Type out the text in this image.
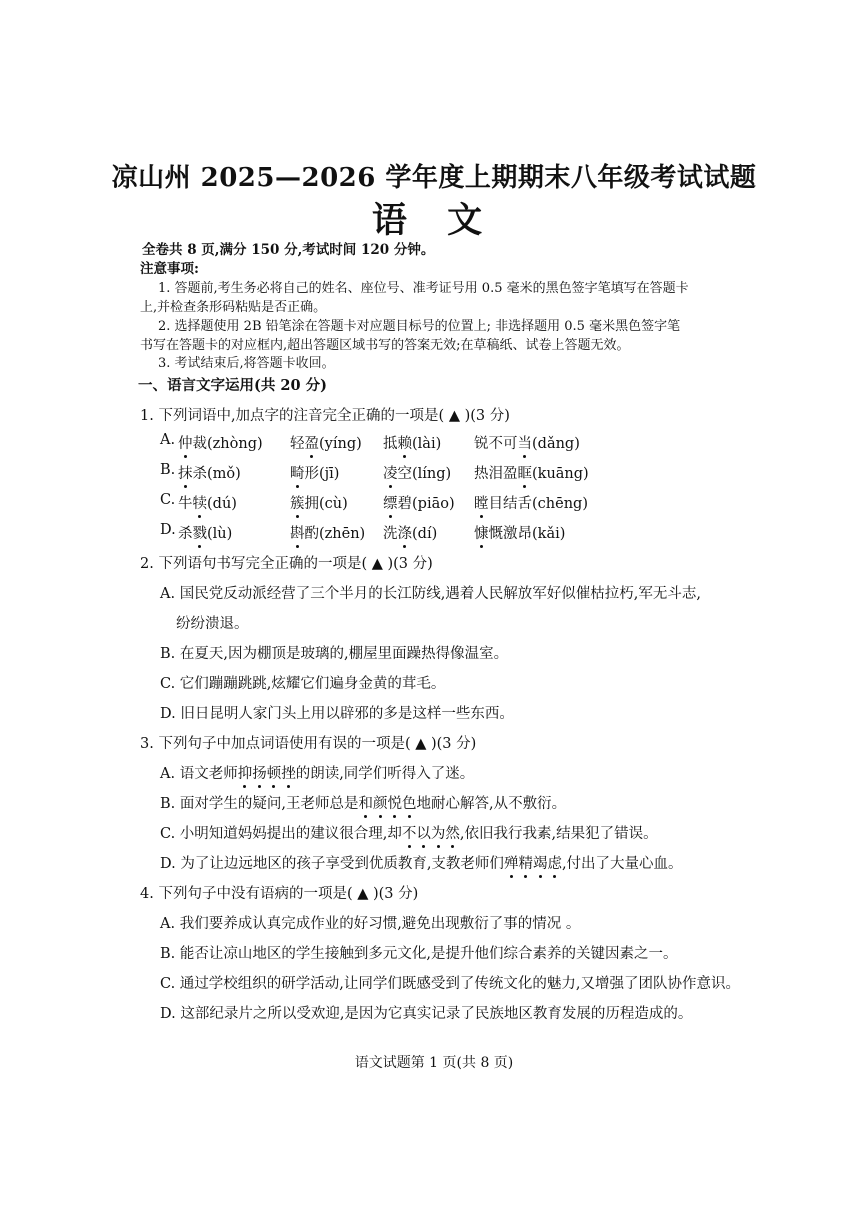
凉山州 2025—2026 学年度上期期末八年级考试试题
语 文
全卷共 8 页,满分 150 分,考试时间 120 分钟。
注意事项:
1. 答题前,考生务必将自己的姓名、座位号、准考证号用 0.5 毫米的黑色签字笔填写在答题卡
上,并检查条形码粘贴是否正确。
2. 选择题使用 2B 铅笔涂在答题卡对应题目标号的位置上; 非选择题用 0.5 毫米黑色签字笔
书写在答题卡的对应框内,超出答题区域书写的答案无效;在草稿纸、试卷上答题无效。
3. 考试结束后,将答题卡收回。
一、语言文字运用(共 20 分)
1. 下列词语中,加点字的注音完全正确的一项是( ▲ )(3 分)
A. 仲裁(zhòng) 轻盈(yíng) 抵赖(lài) 锐不可当(dǎng)
B. 抹杀(mǒ)	畸形(jī)	凌空(líng) 热泪盈眶(kuāng)
C. 牛犊(dú)	簇拥(cù) 缥碧(piāo) 瞠目结舌(chēng)
D. 杀戮(lù)	斟酌(zhēn) 洗涤(dí)	慷慨激昂(kǎi)
2. 下列语句书写完全正确的一项是( ▲ )(3 分)
A. 国民党反动派经营了三个半月的长江防线,遇着人民解放军好似催枯拉朽,军无斗志,
纷纷溃退。
B. 在夏天,因为棚顶是玻璃的,棚屋里面躁热得像温室。
C. 它们蹦蹦跳跳,炫耀它们遍身金黄的茸毛。
D. 旧日昆明人家门头上用以辟邪的多是这样一些东西。
3. 下列句子中加点词语使用有误的一项是( ▲ )(3 分)
A. 语文老师抑扬顿挫的朗读,同学们听得入了迷。
B. 面对学生的疑问,王老师总是和颜悦色地耐心解答,从不敷衍。
C. 小明知道妈妈提出的建议很合理,却不以为然,依旧我行我素,结果犯了错误。
D. 为了让边远地区的孩子享受到优质教育,支教老师们殚精竭虑,付出了大量心血。
4. 下列句子中没有语病的一项是( ▲ )(3 分)
A. 我们要养成认真完成作业的好习惯,避免出现敷衍了事的情况 。
B. 能否让凉山地区的学生接触到多元文化,是提升他们综合素养的关键因素之一。
C. 通过学校组织的研学活动,让同学们既感受到了传统文化的魅力,又增强了团队协作意识。
D. 这部纪录片之所以受欢迎,是因为它真实记录了民族地区教育发展的历程造成的。
语文试题第 1 页(共 8 页)
